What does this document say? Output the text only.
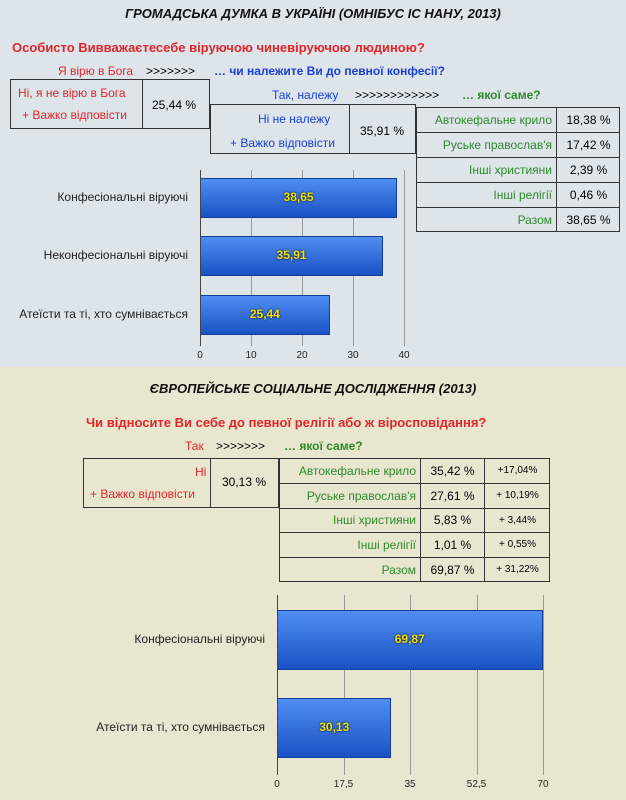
ГРОМАДСЬКА ДУМКА В УКРАЇНІ (ОМНІБУС ІС НАНУ, 2013)
Особисто Вивважаєтесебе віруючою чиневіруючою людиною?
Я вірю в Бога >>>>>>> … чи належите Ви до певної конфесії?
Ні, я не вірю в Бога
+ Важко відповісти
25,44 %
Так, належу >>>>>>>>>>>> … якої саме?
Ні не належу
+ Важко відповісти
35,91 %
Автокефальне крило	18,38 %
Руське православ'я	17,42 %
Інші християни	2,39 %
Інші релігії	0,46 %
Разом	38,65 %
0	10	20	30	40
38,65
Конфесіональні віруючі
35,91
Неконфесіональні віруючі
25,44
Атеїсти та ті, хто сумнівається
ЄВРОПЕЙСЬКЕ СОЦІАЛЬНЕ ДОСЛІДЖЕННЯ (2013)
Чи відносите Ви себе до певної релігії або ж віросповідання?
Так >>>>>>> … якої саме?
Ні
+ Важко відповісти
30,13 %
Автокефальне крило	35,42 %	+17,04%
Руське православ'я	27,61 %	+ 10,19%
Інші християни	5,83 %	+ 3,44%
Інші релігії	1,01 %	+ 0,55%
Разом	69,87 %	+ 31,22%
0	17,5	35	52,5	70
69,87
Конфесіональні віруючі
30,13
Атеїсти та ті, хто сумнівається
